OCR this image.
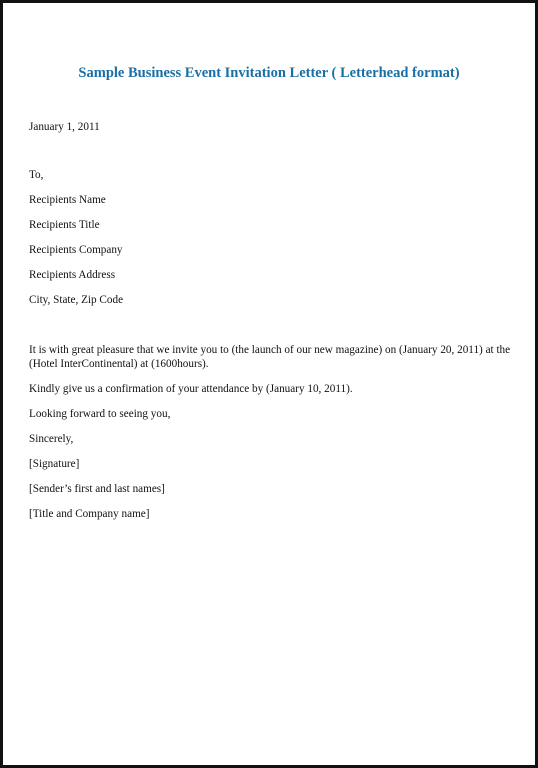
Sample Business Event Invitation Letter ( Letterhead format)
January 1, 2011
To,
Recipients Name
Recipients Title
Recipients Company
Recipients Address
City, State, Zip Code
It is with great pleasure that we invite you to (the launch of our new magazine) on (January 20, 2011) at the (Hotel InterContinental) at (1600hours).
Kindly give us a confirmation of your attendance by (January 10, 2011).
Looking forward to seeing you,
Sincerely,
[Signature]
[Sender’s first and last names]
[Title and Company name]
